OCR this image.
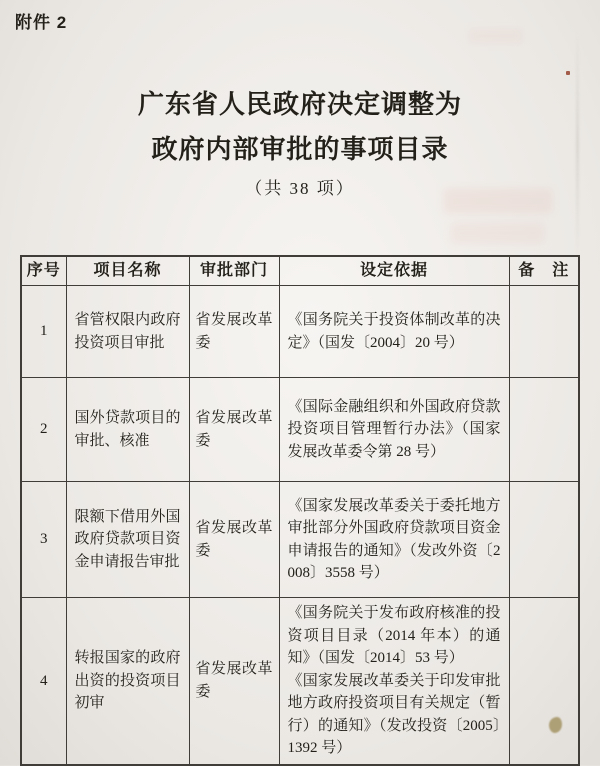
附件 2
广东省人民政府决定调整为
政府内部审批的事项目录
（共 38 项）
序号	项目名称	审批部门	设定依据	备　注
1	省管权限内政府投资项目审批	省发展改革委	《国务院关于投资体制改革的决定》（国发〔2004〕20 号）	

2	国外贷款项目的审批、核准	省发展改革委	《国际金融组织和外国政府贷款投资项目管理暂行办法》（国家发展改革委令第 28 号）	

3	限额下借用外国政府贷款项目资金申请报告审批	省发展改革委	《国家发展改革委关于委托地方审批部分外国政府贷款项目资金申请报告的通知》（发改外资〔2008〕3558 号）	

4	转报国家的政府出资的投资项目初审	省发展改革委	《国务院关于发布政府核准的投资项目目录（2014 年本）的通知》（国发〔2014〕53 号）
《国家发展改革委关于印发审批地方政府投资项目有关规定（暂行）的通知》（发改投资〔2005〕1392 号）	
